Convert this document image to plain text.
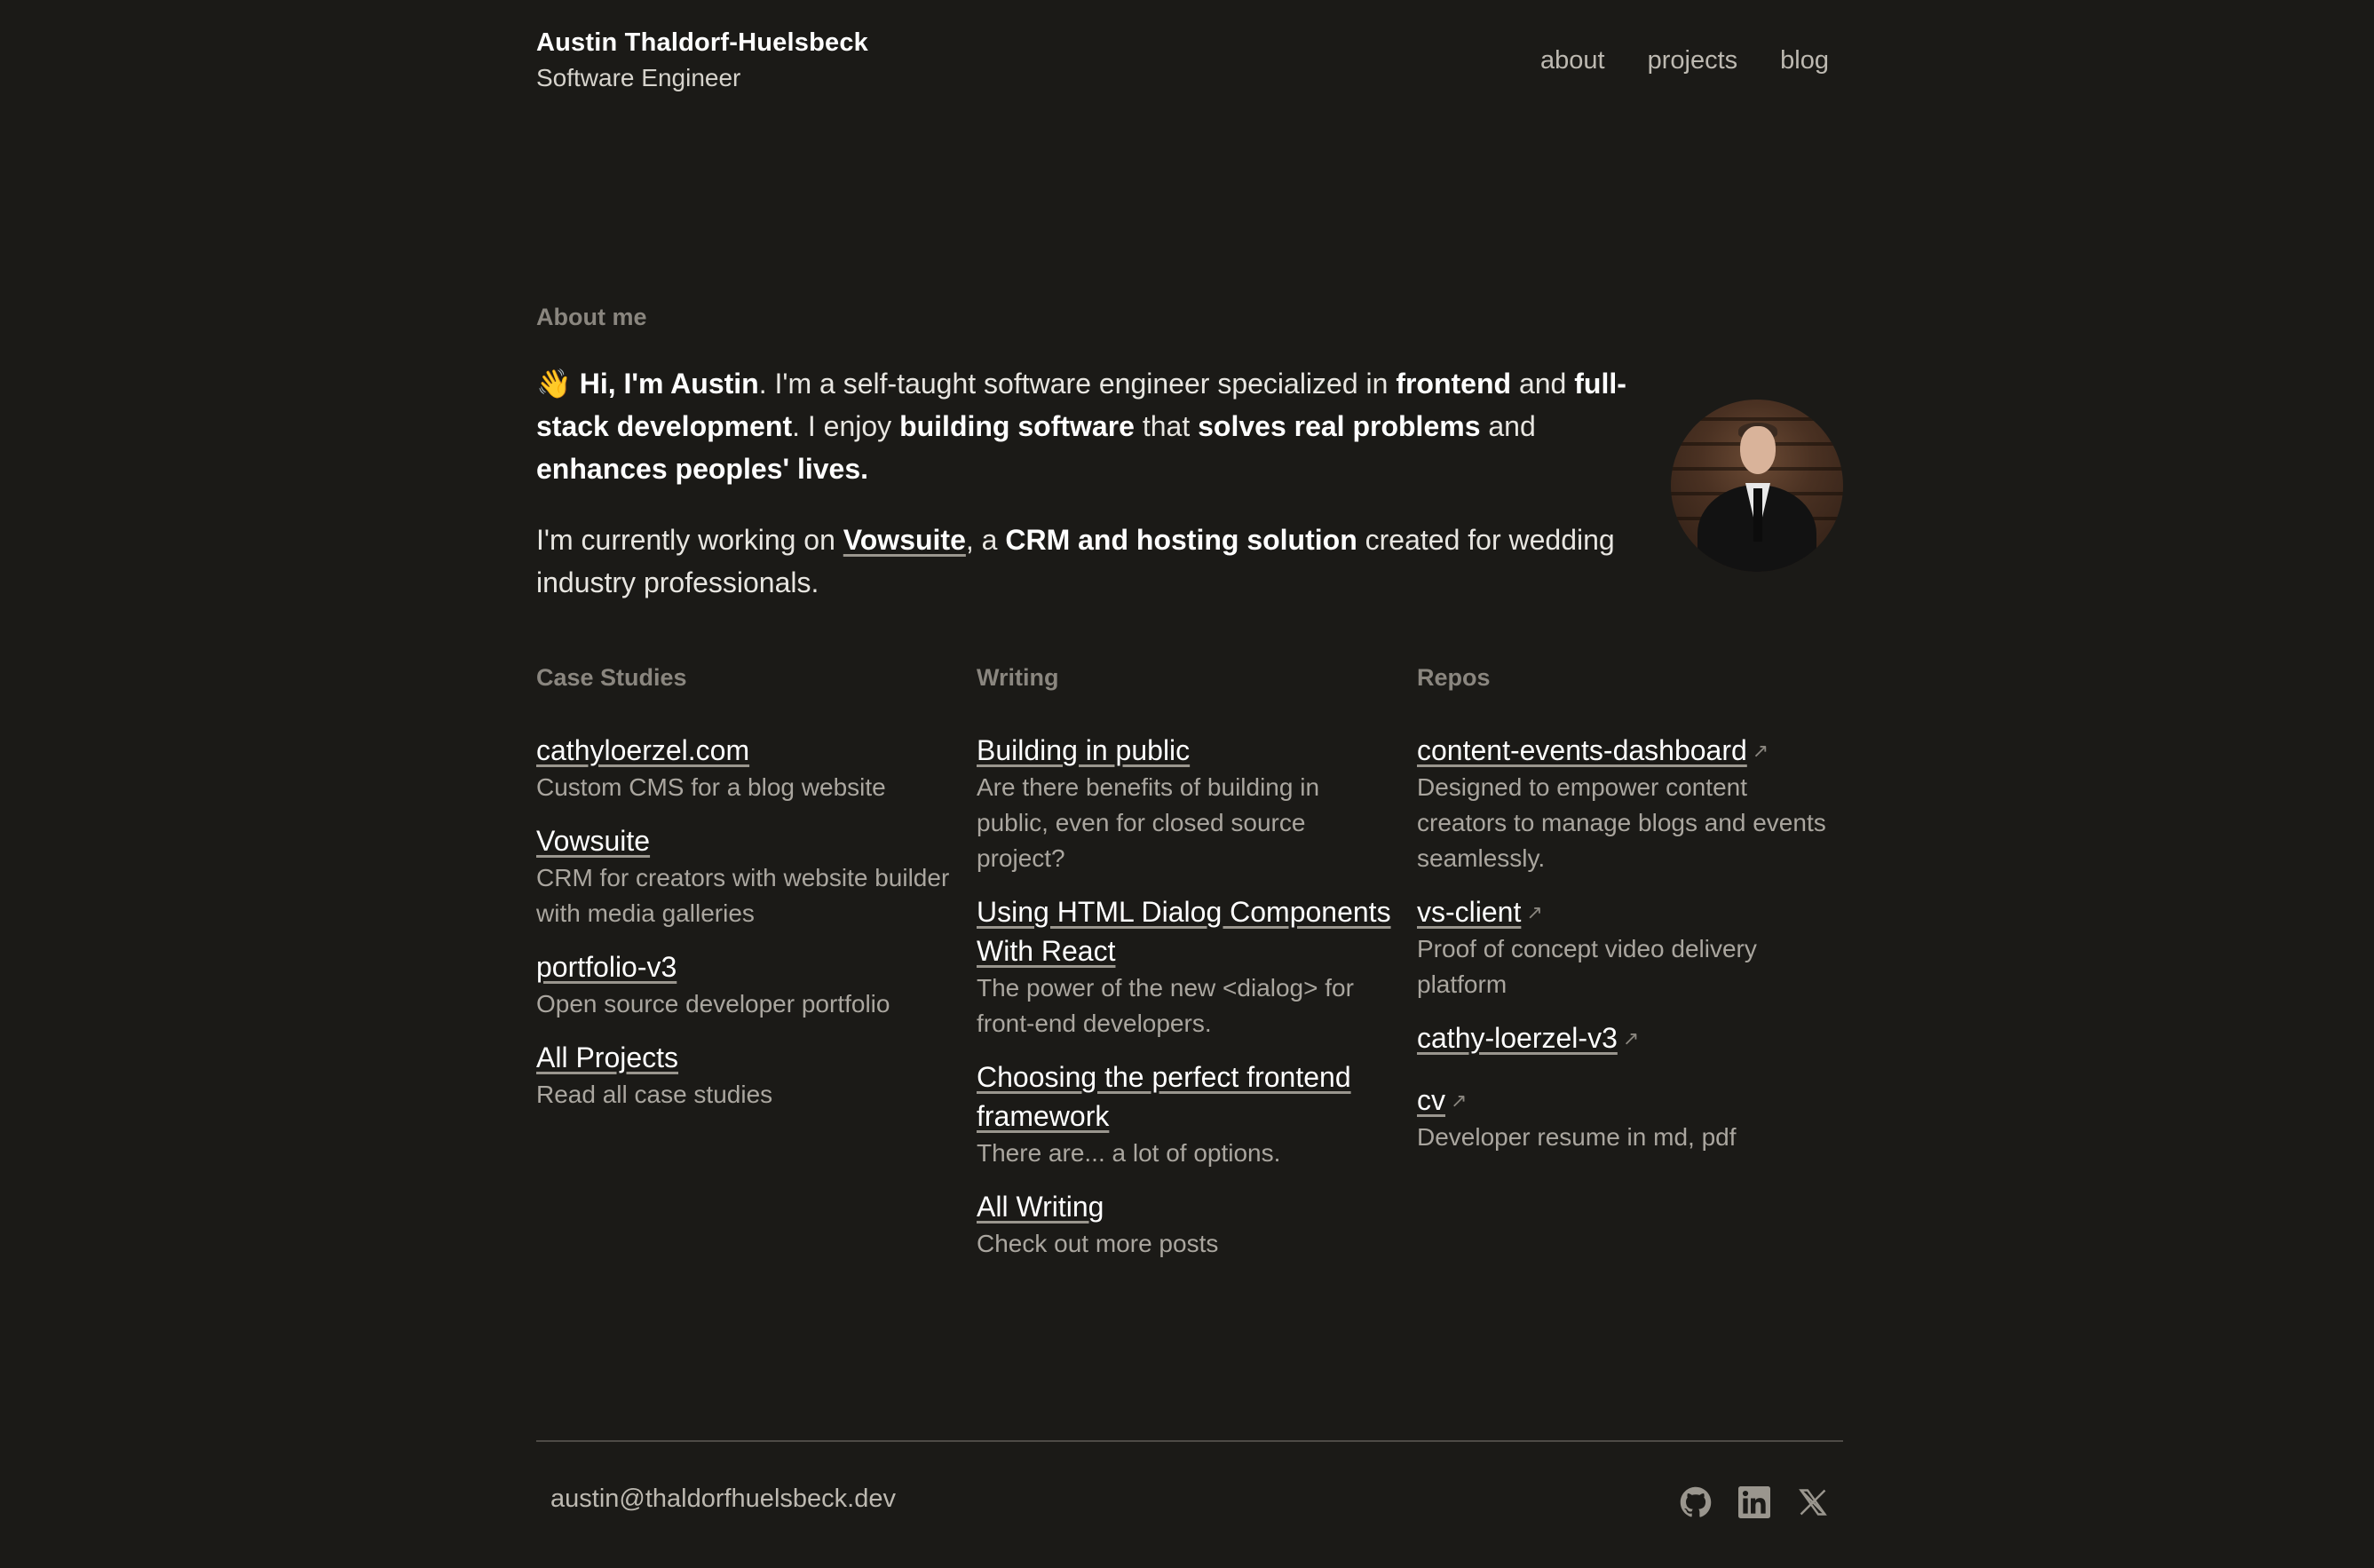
Austin Thaldorf-Huelsbeck
Software Engineer
about projects blog
About me

👋 Hi, I'm Austin. I'm a self-taught software engineer specialized in frontend and full-stack development. I enjoy building software that solves real problems and enhances peoples' lives.

I'm currently working on Vowsuite, a CRM and hosting solution created for wedding industry professionals.

Case Studies
cathyloerzel.com
Custom CMS for a blog website
Vowsuite
CRM for creators with website builder with media galleries
portfolio-v3
Open source developer portfolio
All Projects
Read all case studies
Writing
Building in public
Are there benefits of building in public, even for closed source project?
Using HTML Dialog Components With React
The power of the new <dialog> for front-end developers.
Choosing the perfect frontend framework
There are... a lot of options.
All Writing
Check out more posts
Repos
content-events-dashboard ↗
Designed to empower content creators to manage blogs and events seamlessly.
vs-client ↗
Proof of concept video delivery platform
cathy-loerzel-v3 ↗
cv ↗
Developer resume in md, pdf
austin@thaldorfhuelsbeck.dev
